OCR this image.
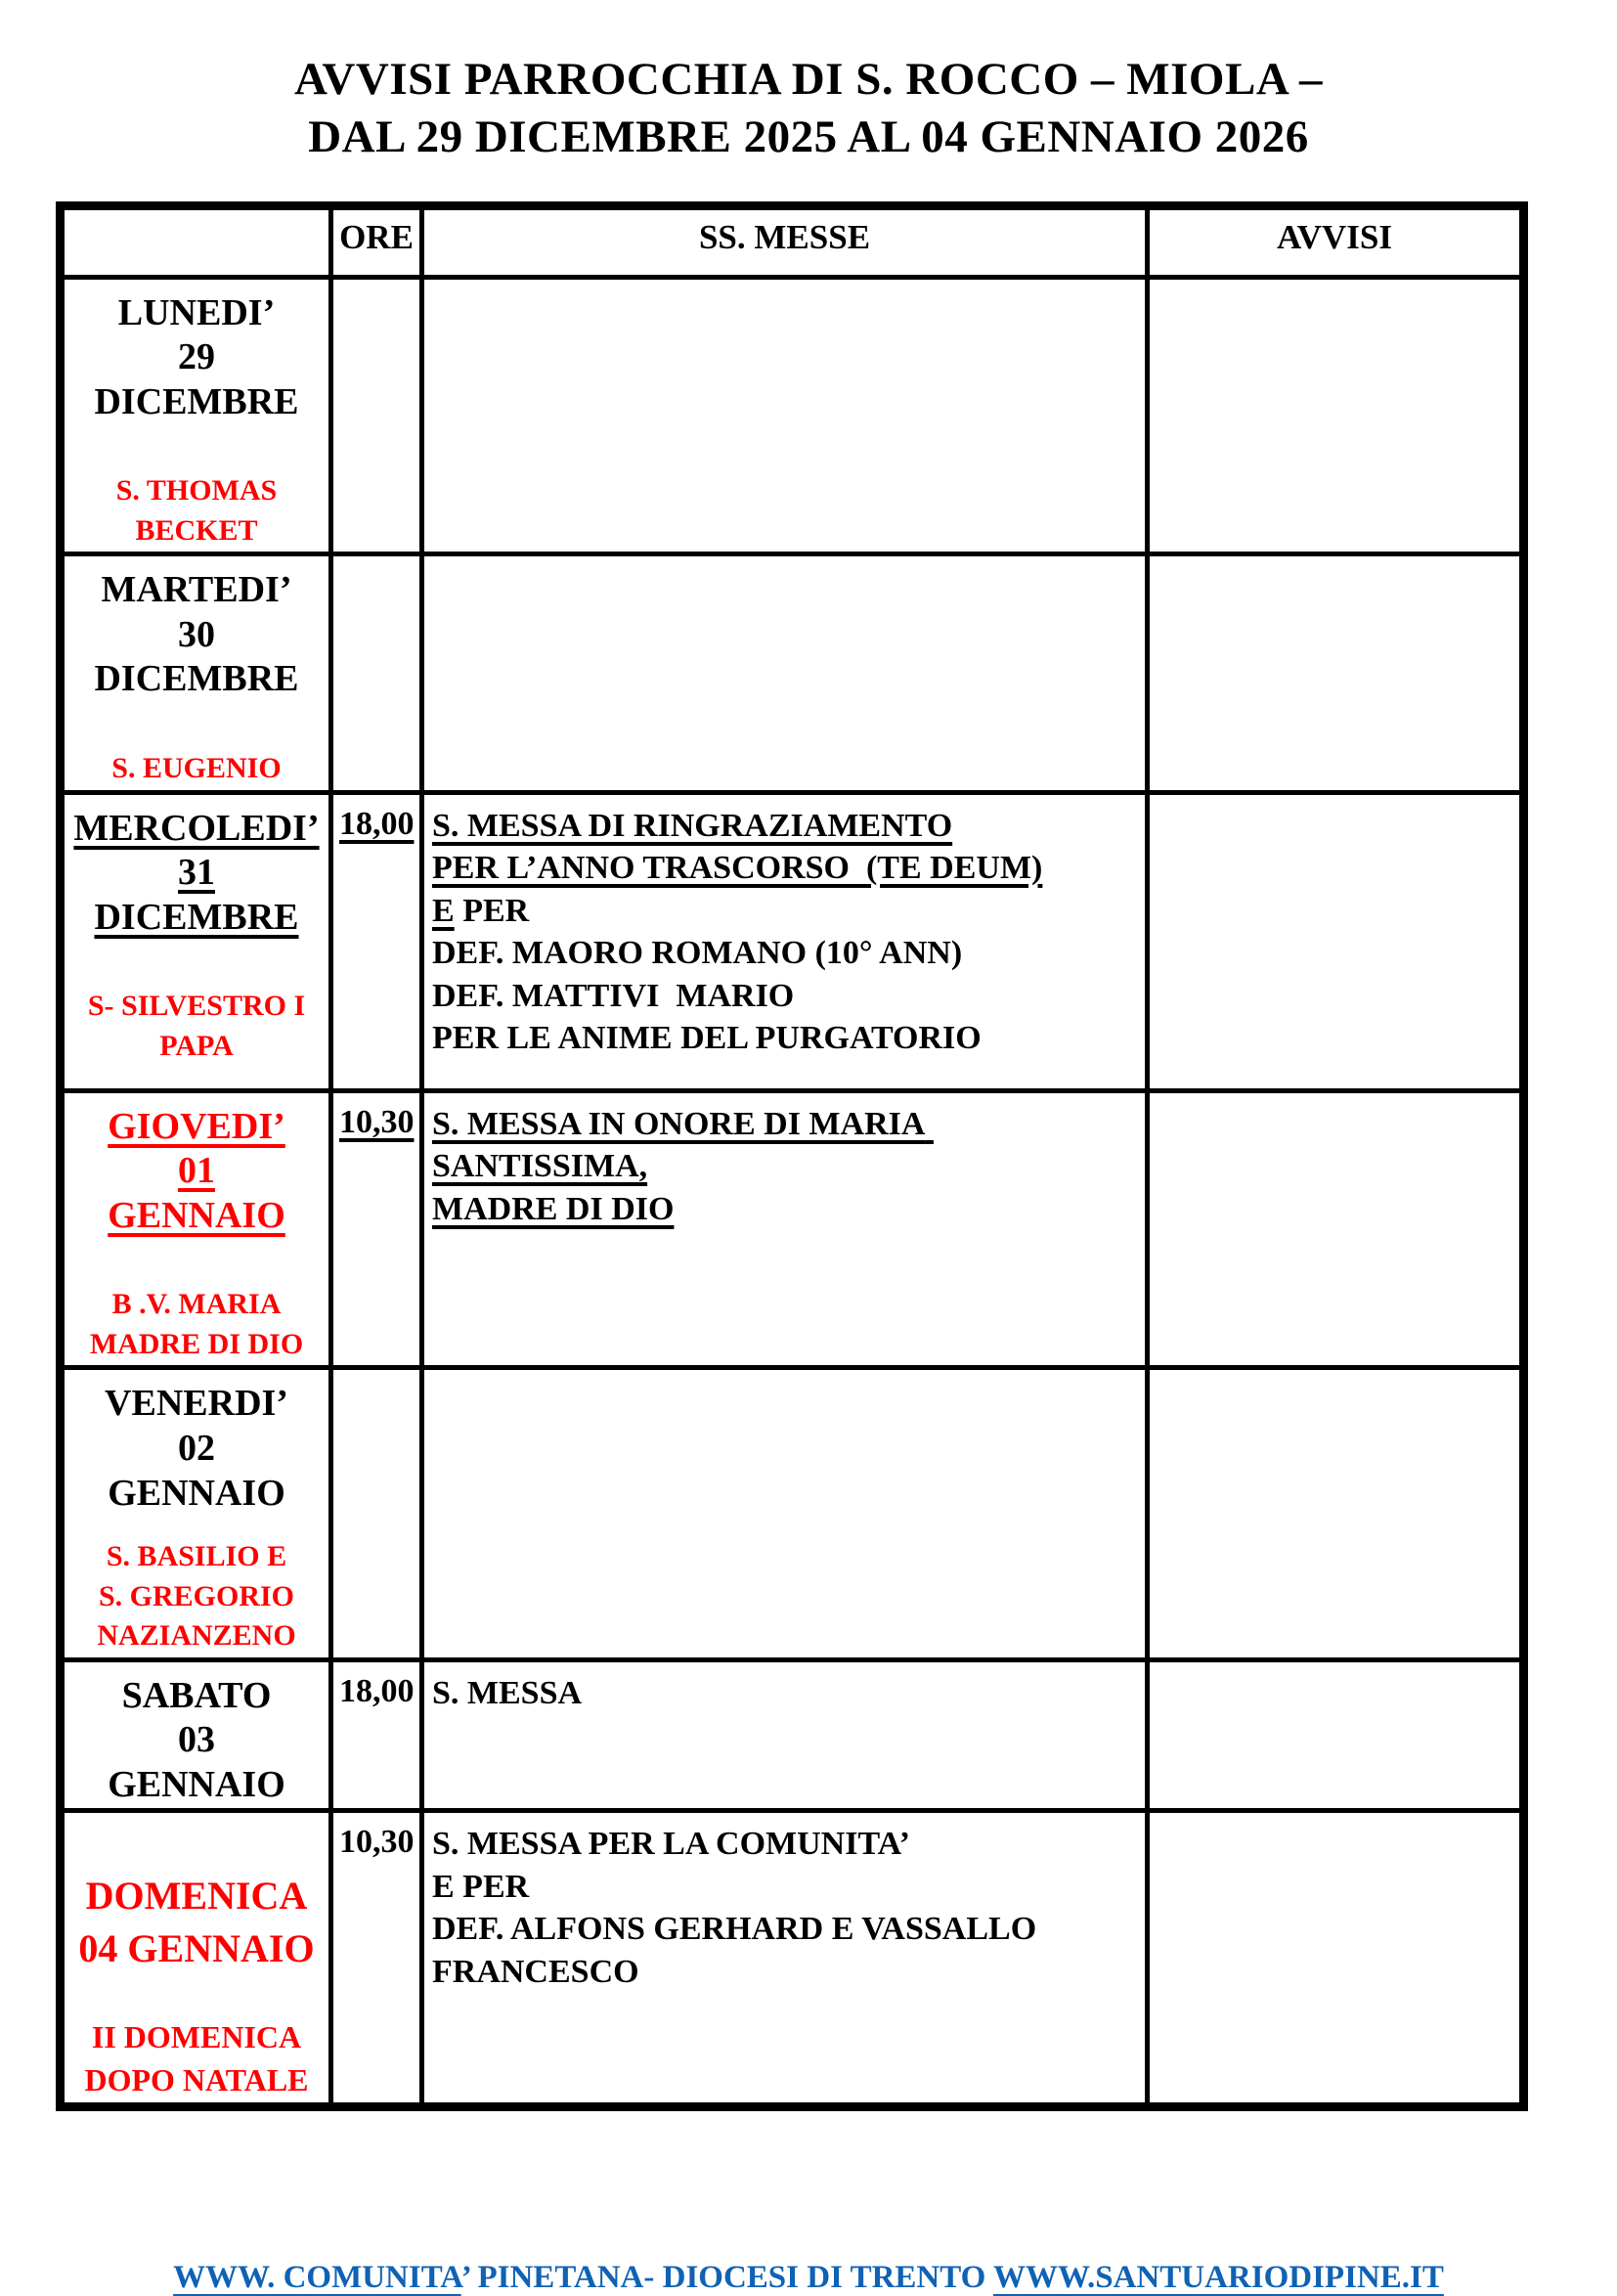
AVVISI PARROCCHIA DI S. ROCCO – MIOLA –
DAL 29 DICEMBRE 2025 AL 04 GENNAIO 2026
	ORE	SS. MESSE	AVVISI

LUNEDI’
29
DICEMBRE
S. THOMAS
BECKET			

MARTEDI’
30
DICEMBRE
S. EUGENIO			

MERCOLEDI’
31
DICEMBRE
S- SILVESTRO I
PAPA
	18,00	S. MESSA DI RINGRAZIAMENTO
PER L’ANNO TRASCORSO  (TE DEUM)
E PER
DEF. MAORO ROMANO (10° ANN)
DEF. MATTIVI  MARIO
PER LE ANIME DEL PURGATORIO

GIOVEDI’
01
GENNAIO
B .V. MARIA
MADRE DI DIO
	10,30	S. MESSA IN ONORE DI MARIA SANTISSIMA,
MADRE DI DIO

VENERDI’
02
GENNAIO
S. BASILIO E
S. GREGORIO
NAZIANZENO

SABATO
03
GENNAIO	18,00	S. MESSA	

DOMENICA
04 GENNAIO
II DOMENICA
DOPO NATALE
	10,30	S. MESSA PER LA COMUNITA’
E PER
DEF. ALFONS GERHARD E VASSALLO
FRANCESCO

WWW. COMUNITA’ PINETANA- DIOCESI DI TRENTO WWW.SANTUARIODIPINE.IT
